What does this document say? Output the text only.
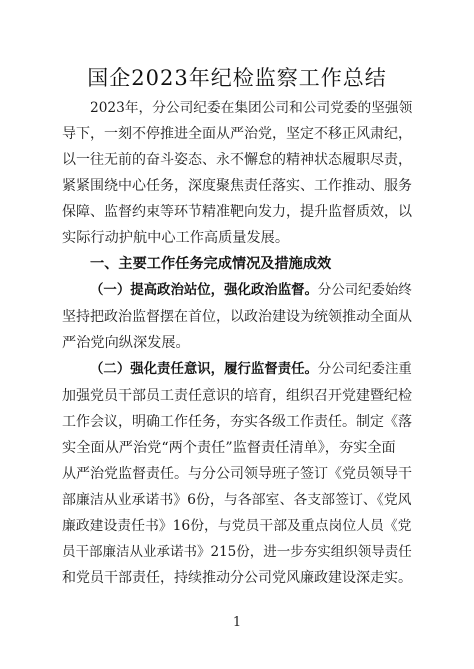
国企2023年纪检监察工作总结
2023年，分公司纪委在集团公司和公司党委的坚强领
导下，一刻不停推进全面从严治党，坚定不移正风肃纪，
以一往无前的奋斗姿态、永不懈怠的精神状态履职尽责，
紧紧围绕中心任务，深度聚焦责任落实、工作推动、服务
保障、监督约束等环节精准靶向发力，提升监督质效，以
实际行动护航中心工作高质量发展。
一、主要工作任务完成情况及措施成效
（一）提高政治站位，强化政治监督。分公司纪委始终
坚持把政治监督摆在首位，以政治建设为统领推动全面从
严治党向纵深发展。
（二）强化责任意识，履行监督责任。分公司纪委注重
加强党员干部员工责任意识的培育，组织召开党建暨纪检
工作会议，明确工作任务，夯实各级工作责任。制定《落
实全面从严治党“两个责任”监督责任清单》，夯实全面
从严治党监督责任。与分公司领导班子签订《党员领导干
部廉洁从业承诺书》6份，与各部室、各支部签订、《党风
廉政建设责任书》16份，与党员干部及重点岗位人员《党
员干部廉洁从业承诺书》215份，进一步夯实组织领导责任
和党员干部责任，持续推动分公司党风廉政建设深走实。
1
